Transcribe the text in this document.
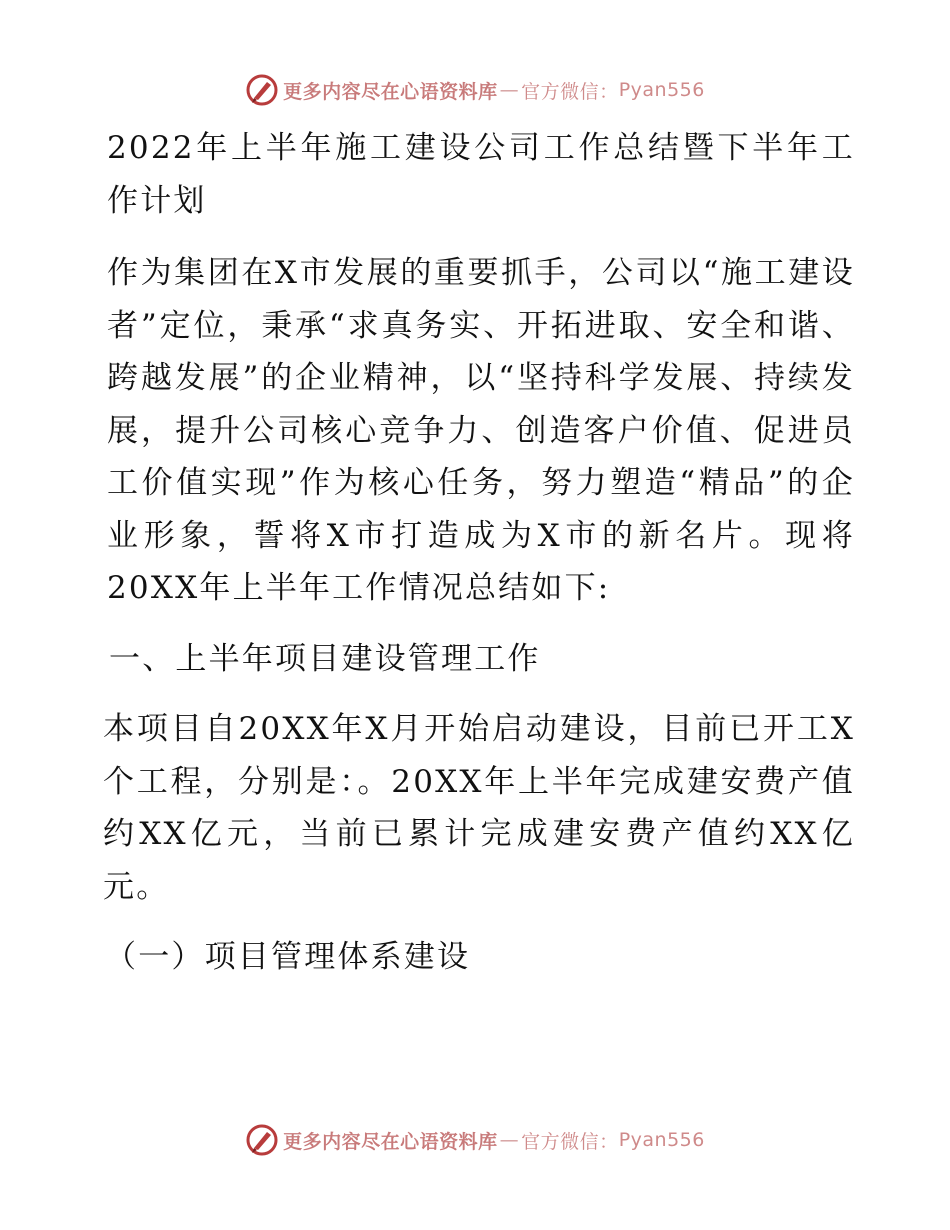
更多内容尽在心语资料库 — 官方微信： Pyan556

2022年上半年施工建设公司工作总结暨下半年工作计划

作为集团在X市发展的重要抓手，公司以“施工建设者”定位，秉承“求真务实、开拓进取、安全和谐、跨越发展”的企业精神，以“坚持科学发展、持续发展，提升公司核心竞争力、创造客户价值、促进员工价值实现”作为核心任务，努力塑造“精品”的企业形象，誓将X市打造成为X市的新名片。现将20XX年上半年工作情况总结如下:

一、上半年项目建设管理工作

本项目自20XX年X月开始启动建设，目前已开工X个工程，分别是：。20XX年上半年完成建安费产值约XX亿元，当前已累计完成建安费产值约XX亿元。

（一）项目管理体系建设

更多内容尽在心语资料库 — 官方微信： Pyan556
